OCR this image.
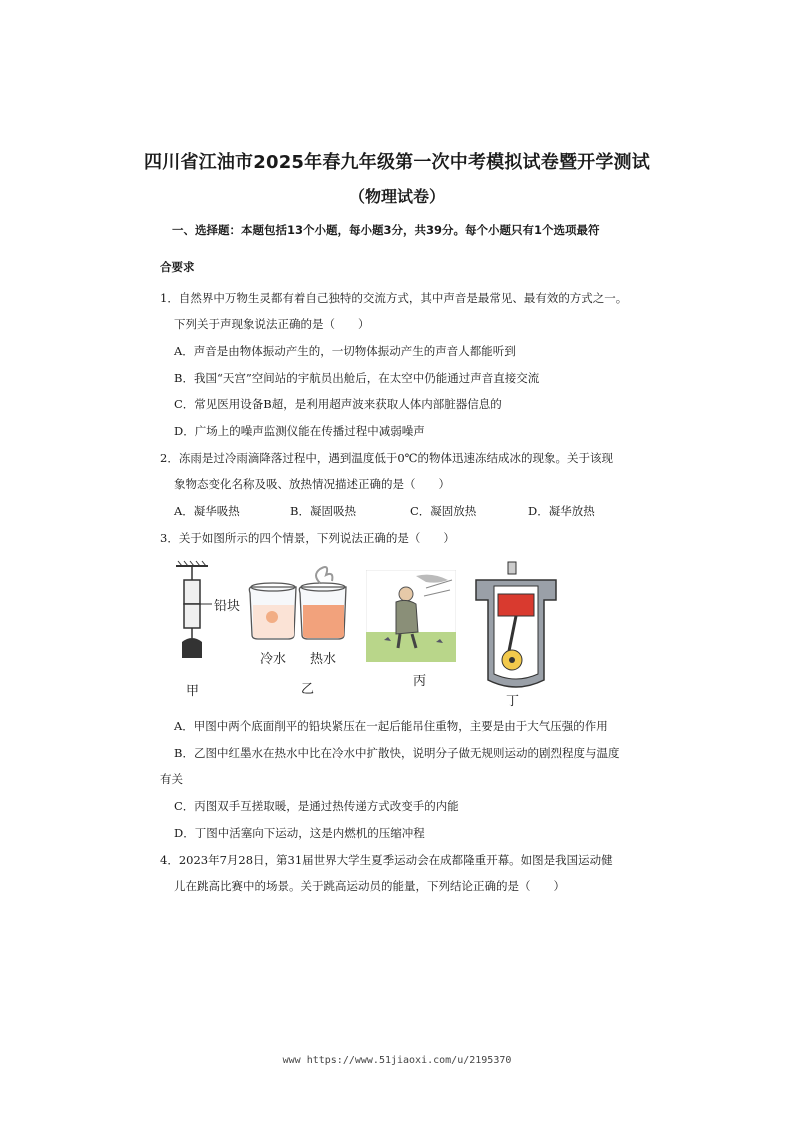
四川省江油市2025年春九年级第一次中考模拟试卷暨开学测试
（物理试卷）
一、选择题：本题包括13个小题，每小题3分，共39分。每个小题只有1个选项最符
合要求
1．自然界中万物生灵都有着自己独特的交流方式，其中声音是最常见、最有效的方式之一。
下列关于声现象说法正确的是（　　）
A．声音是由物体振动产生的，一切物体振动产生的声音人都能听到
B．我国“天宫”空间站的宇航员出舱后，在太空中仍能通过声音直接交流
C．常见医用设备B超，是利用超声波来获取人体内部脏器信息的
D．广场上的噪声监测仪能在传播过程中减弱噪声
2．冻雨是过冷雨滴降落过程中，遇到温度低于0℃的物体迅速冻结成冰的现象。关于该现
象物态变化名称及吸、放热情况描述正确的是（　　）
A．凝华吸热	B．凝固吸热	C．凝固放热	D．凝华放热
3．关于如图所示的四个情景，下列说法正确的是（　　）
铅块
甲
冷水 热水
乙
丙
丁
A．甲图中两个底面削平的铅块紧压在一起后能吊住重物，主要是由于大气压强的作用
B．乙图中红墨水在热水中比在冷水中扩散快，说明分子做无规则运动的剧烈程度与温度
有关
C．丙图双手互搓取暖，是通过热传递方式改变手的内能
D．丁图中活塞向下运动，这是内燃机的压缩冲程
4．2023年7月28日，第31届世界大学生夏季运动会在成都隆重开幕。如图是我国运动健
儿在跳高比赛中的场景。关于跳高运动员的能量，下列结论正确的是（　　）
www https://www.51jiaoxi.com/u/2195370
